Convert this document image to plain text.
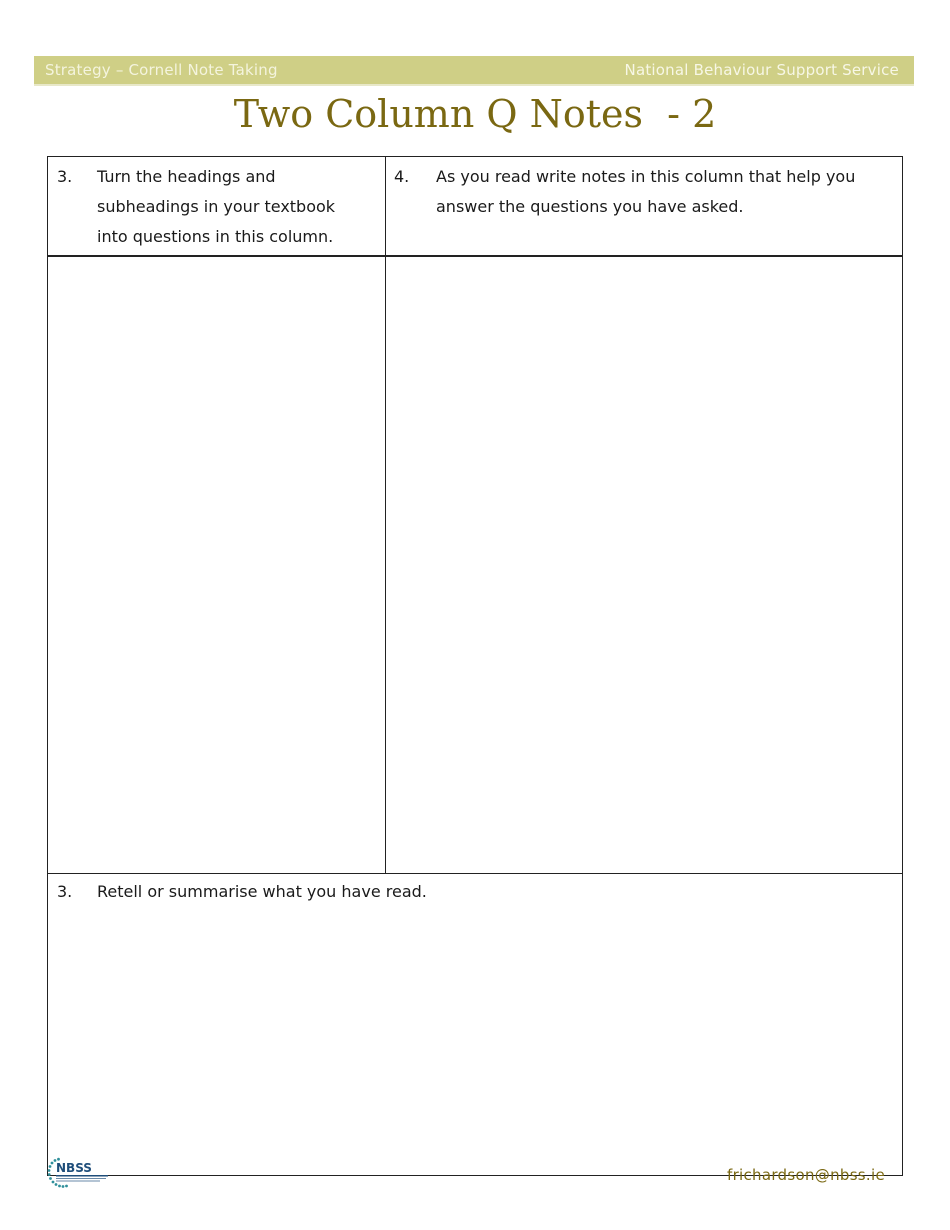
Strategy – Cornell Note Taking	National Behaviour Support Service
Two Column Q Notes  - 2
3.	Turn the headings and subheadings in your textbook into questions in this column.
4.	As you read write notes in this column that help you answer the questions you have asked.
3.	Retell or summarise what you have read.
NBSS	frichardson@nbss.ie
